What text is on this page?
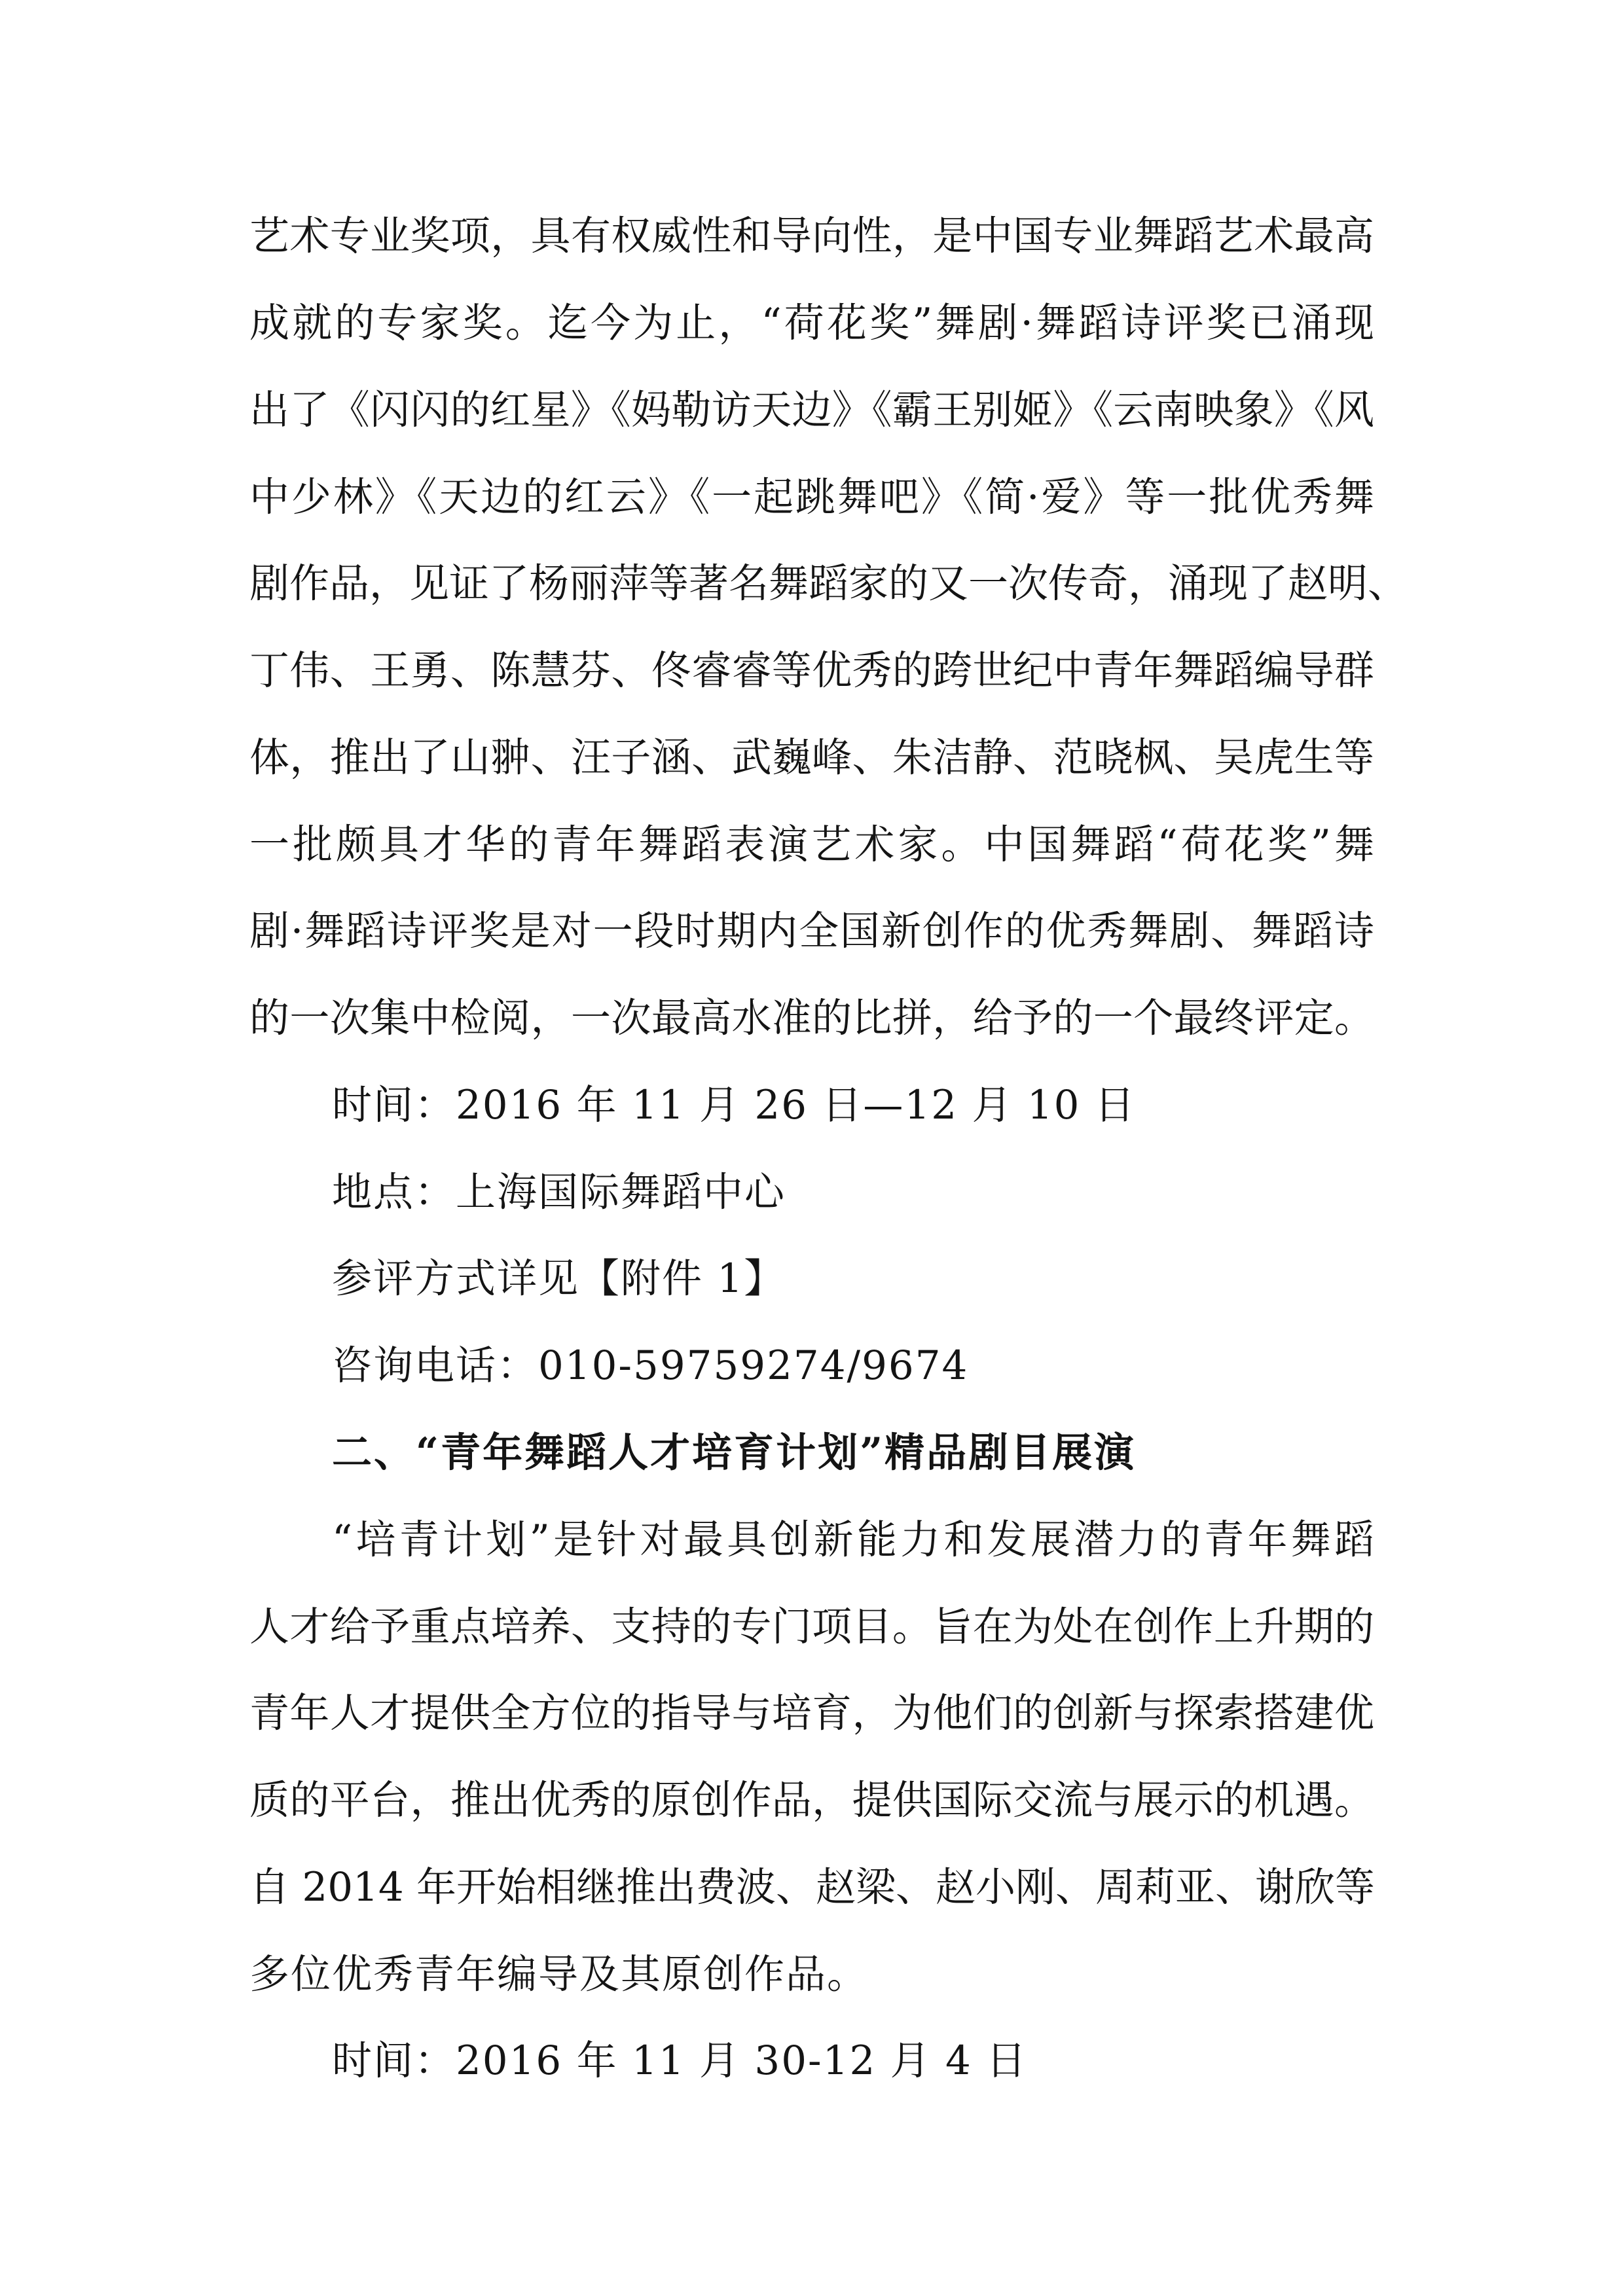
艺术专业奖项，具有权威性和导向性，是中国专业舞蹈艺术最高
成就的专家奖。迄今为止，“荷花奖”舞剧·舞蹈诗评奖已涌现
出了《闪闪的红星》《妈勒访天边》《霸王别姬》《云南映象》《风
中少林》《天边的红云》《一起跳舞吧》《简·爱》等一批优秀舞
剧作品，见证了杨丽萍等著名舞蹈家的又一次传奇，涌现了赵明、
丁伟、王勇、陈慧芬、佟睿睿等优秀的跨世纪中青年舞蹈编导群
体，推出了山翀、汪子涵、武巍峰、朱洁静、范晓枫、吴虎生等
一批颇具才华的青年舞蹈表演艺术家。中国舞蹈“荷花奖”舞
剧·舞蹈诗评奖是对一段时期内全国新创作的优秀舞剧、舞蹈诗
的一次集中检阅，一次最高水准的比拼，给予的一个最终评定。
时间：2016 年 11 月 26 日—12 月 10 日
地点：上海国际舞蹈中心
参评方式详见【附件 1】
咨询电话：010-59759274/9674
二、“青年舞蹈人才培育计划”精品剧目展演
“培青计划”是针对最具创新能力和发展潜力的青年舞蹈
人才给予重点培养、支持的专门项目。旨在为处在创作上升期的
青年人才提供全方位的指导与培育，为他们的创新与探索搭建优
质的平台，推出优秀的原创作品，提供国际交流与展示的机遇。
自 2014 年开始相继推出费波、赵梁、赵小刚、周莉亚、谢欣等
多位优秀青年编导及其原创作品。
时间：2016 年 11 月 30-12 月 4 日
